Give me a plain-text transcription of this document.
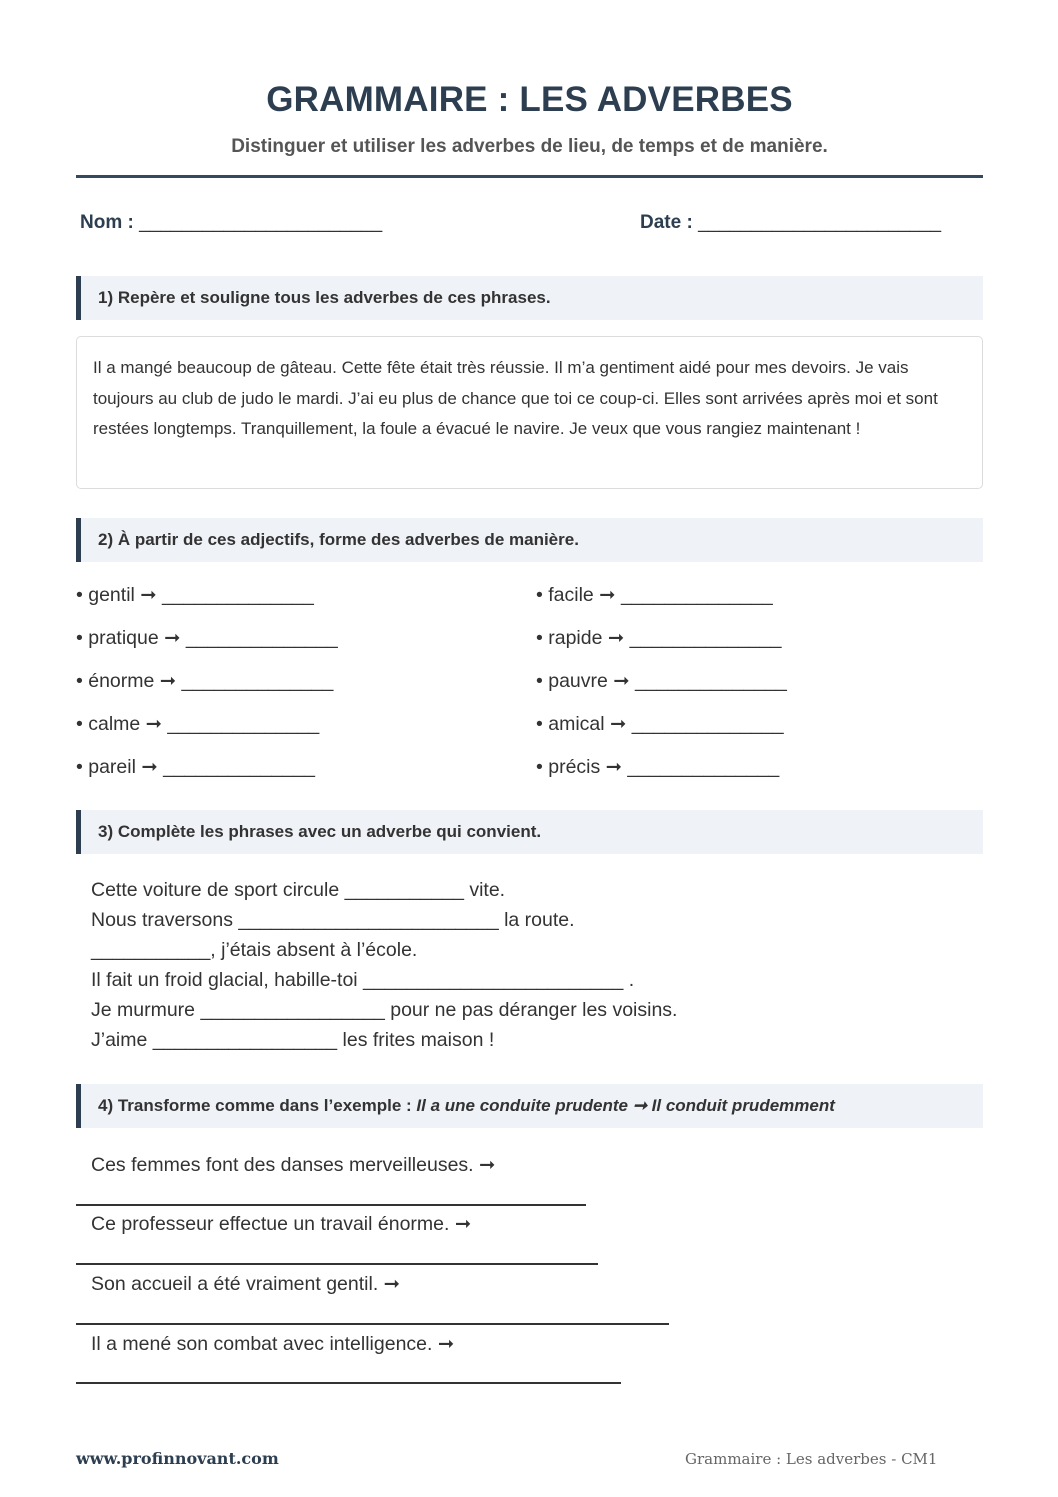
GRAMMAIRE : LES ADVERBES
Distinguer et utiliser les adverbes de lieu, de temps et de manière.
Nom : _______________________	Date : _______________________
1) Repère et souligne tous les adverbes de ces phrases.
Il a mangé beaucoup de gâteau. Cette fête était très réussie. Il m’a gentiment aidé pour mes devoirs. Je vais toujours au club de judo le mardi. J’ai eu plus de chance que toi ce coup-ci. Elles sont arrivées après moi et sont restées longtemps. Tranquillement, la foule a évacué le navire. Je veux que vous rangiez maintenant !
2) À partir de ces adjectifs, forme des adverbes de manière.
• gentil ➞ ______________
• pratique ➞ ______________
• énorme ➞ ______________
• calme ➞ ______________
• pareil ➞ ______________
• facile ➞ ______________
• rapide ➞ ______________
• pauvre ➞ ______________
• amical ➞ ______________
• précis ➞ ______________
3) Complète les phrases avec un adverbe qui convient.
Cette voiture de sport circule ___________ vite.
Nous traversons ________________________ la route.
___________, j’étais absent à l’école.
Il fait un froid glacial, habille-toi ________________________ .
Je murmure _________________ pour ne pas déranger les voisins.
J’aime _________________ les frites maison !
4) Transforme comme dans l’exemple : Il a une conduite prudente ➞ Il conduit prudemment
Ces femmes font des danses merveilleuses. ➞
Ce professeur effectue un travail énorme. ➞
Son accueil a été vraiment gentil. ➞
Il a mené son combat avec intelligence. ➞
www.profinnovant.com	Grammaire : Les adverbes - CM1
